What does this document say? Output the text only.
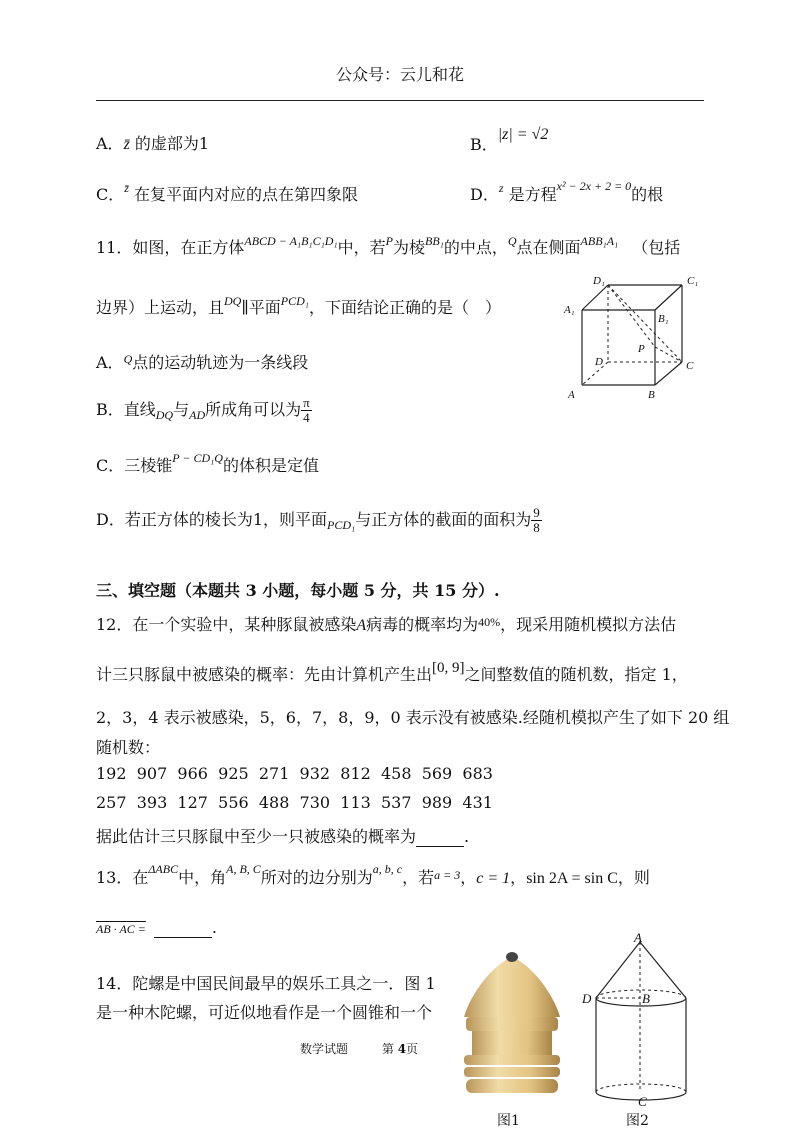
公众号：云儿和花
A．z̄ 的虚部为1	B．|z| = √2
C．$^{z̄}$ 在复平面内对应的点在第四象限	D．$^z$ 是方程$^{x^2 - 2x + 2 = 0}$的根
11．如图，在正方体$^{ABCD - A_1B_1C_1D_1}$中，若$^P$为棱$^{BB_1}$的中点，$^Q$点在侧面$^{ABB_1A_1}$ （包括
边界）上运动，且$^{DQ}$∥平面$^{PCD_1}$，下面结论正确的是（　）
A．$^Q$点的运动轨迹为一条线段
B．直线$_{DQ}$与$_{AD}$所成角可以为 $\frac{\pi}{4}$
C．三棱锥$^{P - CD_1Q}$的体积是定值
D．若正方体的棱长为1，则平面$_{PCD_1}$与正方体的截面的面积为 $\frac{9}{8}$
D₁	C₁
A₁
B₁
D
P
C
A	B
三、填空题（本题共 3 小题，每小题 5 分，共 15 分）.
12．在一个实验中，某种豚鼠被感染A病毒的概率均为$^{40\%}$，现采用随机模拟方法估
计三只豚鼠中被感染的概率：先由计算机产生出[0, 9]之间整数值的随机数，指定 1，
2，3，4 表示被感染，5，6，7，8，9，0 表示没有被感染.经随机模拟产生了如下 20 组
随机数：
192  907  966  925  271  932  812  458  569  683
257  393  127  556  488  730  113  537  989  431
据此估计三只豚鼠中至少一只被感染的概率为	.
13．在$^{\Delta ABC}$中，角$^{A, B, C}$所对的边分别为$^{a, b, c}$，若$^{a = 3}$，c = 1，sin 2A = sin C，则
AB · AC =	.
14．陀螺是中国民间最早的娱乐工具之一．图 1
是一种木陀螺，可近似地看作是一个圆锥和一个
图1
A
B
D
C
图2
数学试题	第 4页
